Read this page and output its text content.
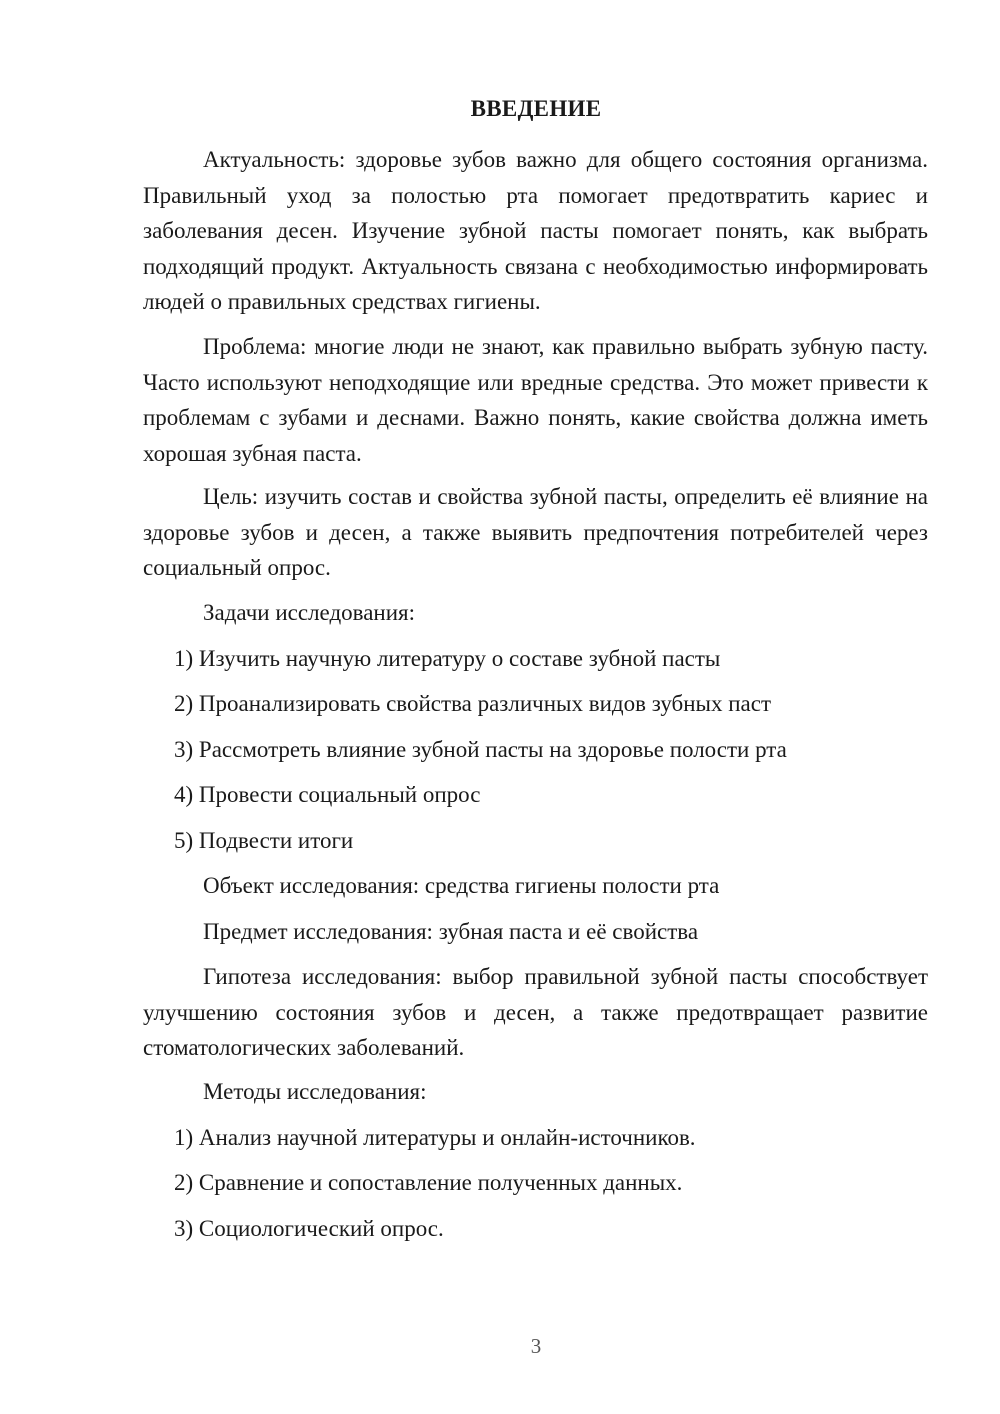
ВВЕДЕНИЕ

Актуальность: здоровье зубов важно для общего состояния организма. Правильный уход за полостью рта помогает предотвратить кариес и заболевания десен. Изучение зубной пасты помогает понять, как выбрать подходящий продукт. Актуальность связана с необходимостью информировать людей о правильных средствах гигиены.

Проблема: многие люди не знают, как правильно выбрать зубную пасту. Часто используют неподходящие или вредные средства. Это может привести к проблемам с зубами и деснами. Важно понять, какие свойства должна иметь хорошая зубная паста.

Цель: изучить состав и свойства зубной пасты, определить её влияние на здоровье зубов и десен, а также выявить предпочтения потребителей через социальный опрос.

Задачи исследования:

1) Изучить научную литературу о составе зубной пасты

2) Проанализировать свойства различных видов зубных паст

3) Рассмотреть влияние зубной пасты на здоровье полости рта

4) Провести социальный опрос

5) Подвести итоги

Объект исследования: средства гигиены полости рта

Предмет исследования: зубная паста и её свойства

Гипотеза исследования: выбор правильной зубной пасты способствует улучшению состояния зубов и десен, а также предотвращает развитие стоматологических заболеваний.

Методы исследования:

1) Анализ научной литературы и онлайн-источников.

2) Сравнение и сопоставление полученных данных.

3) Социологический опрос.

3
